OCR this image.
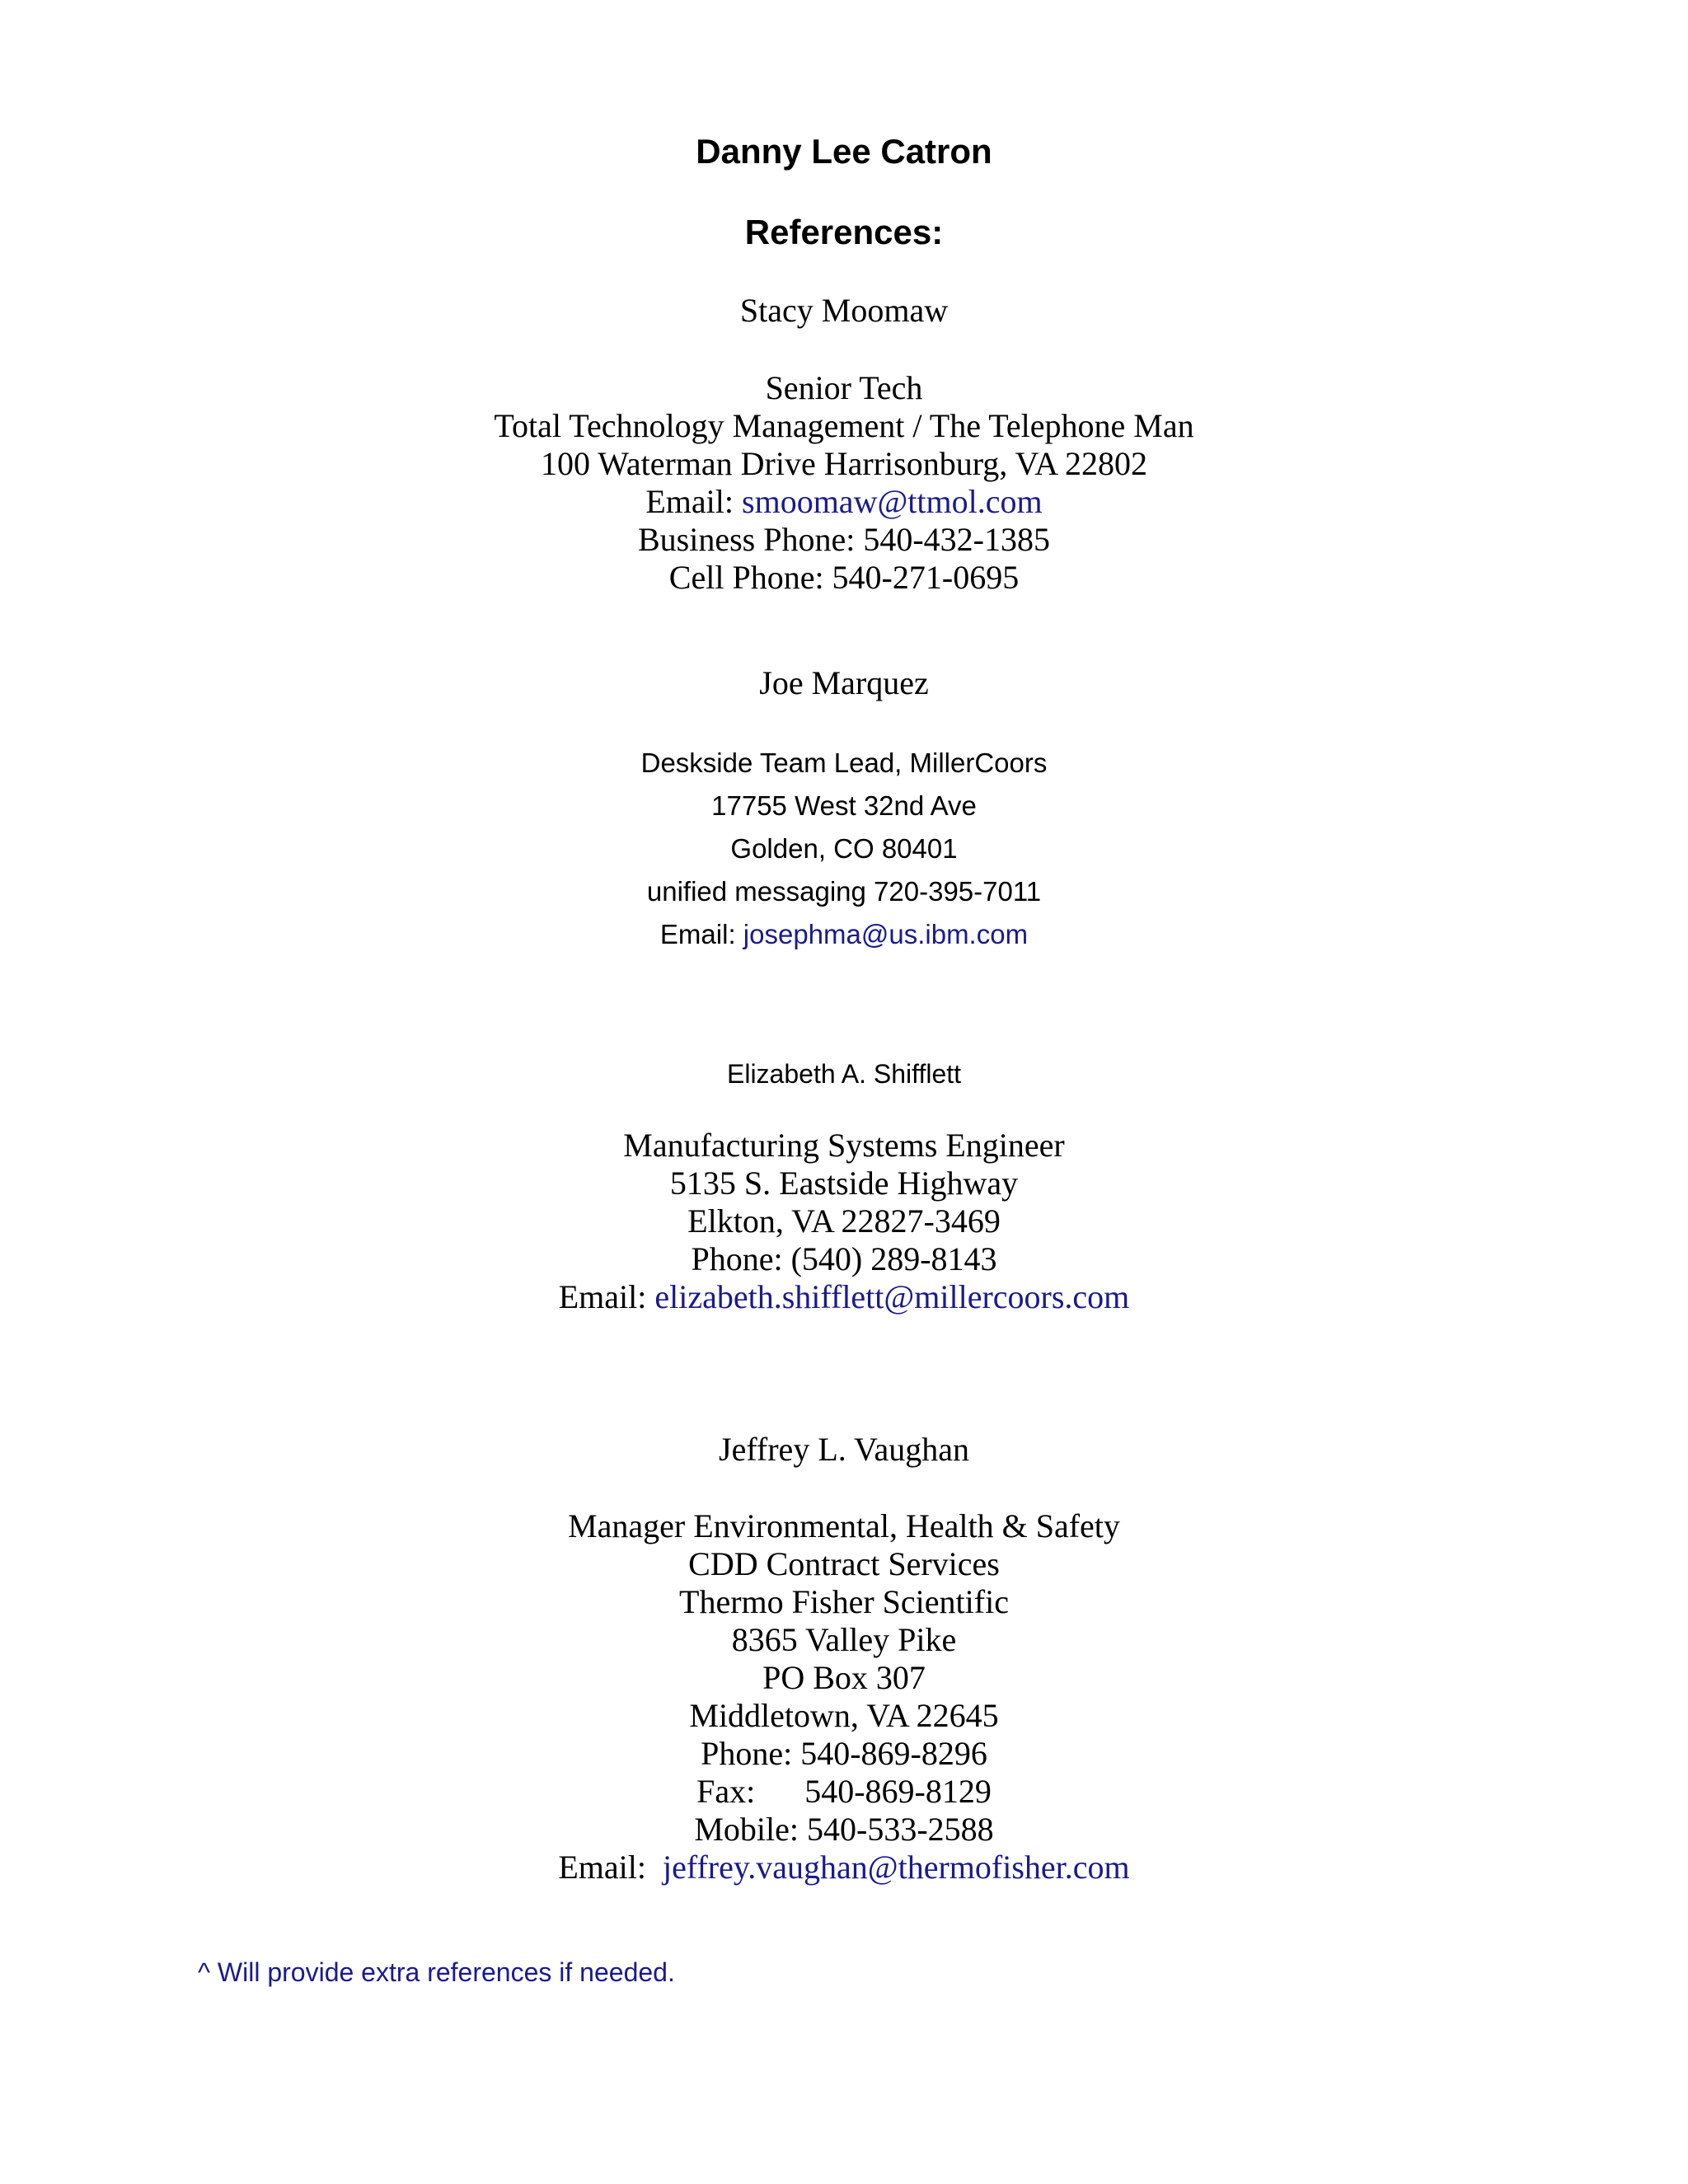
Danny Lee Catron
References:
Stacy Moomaw
Senior Tech
Total Technology Management / The Telephone Man
100 Waterman Drive Harrisonburg, VA 22802
Email: smoomaw@ttmol.com
Business Phone: 540-432-1385
Cell Phone: 540-271-0695
Joe Marquez
Deskside Team Lead, MillerCoors
17755 West 32nd Ave
Golden, CO 80401
unified messaging 720-395-7011
Email: josephma@us.ibm.com
Elizabeth A. Shifflett
Manufacturing Systems Engineer
5135 S. Eastside Highway
Elkton, VA 22827-3469
Phone: (540) 289-8143
Email: elizabeth.shifflett@millercoors.com
Jeffrey L. Vaughan
Manager Environmental, Health & Safety
CDD Contract Services
Thermo Fisher Scientific
8365 Valley Pike
PO Box 307
Middletown, VA 22645
Phone: 540-869-8296
Fax:      540-869-8129
Mobile: 540-533-2588
Email:  jeffrey.vaughan@thermofisher.com
^ Will provide extra references if needed.
